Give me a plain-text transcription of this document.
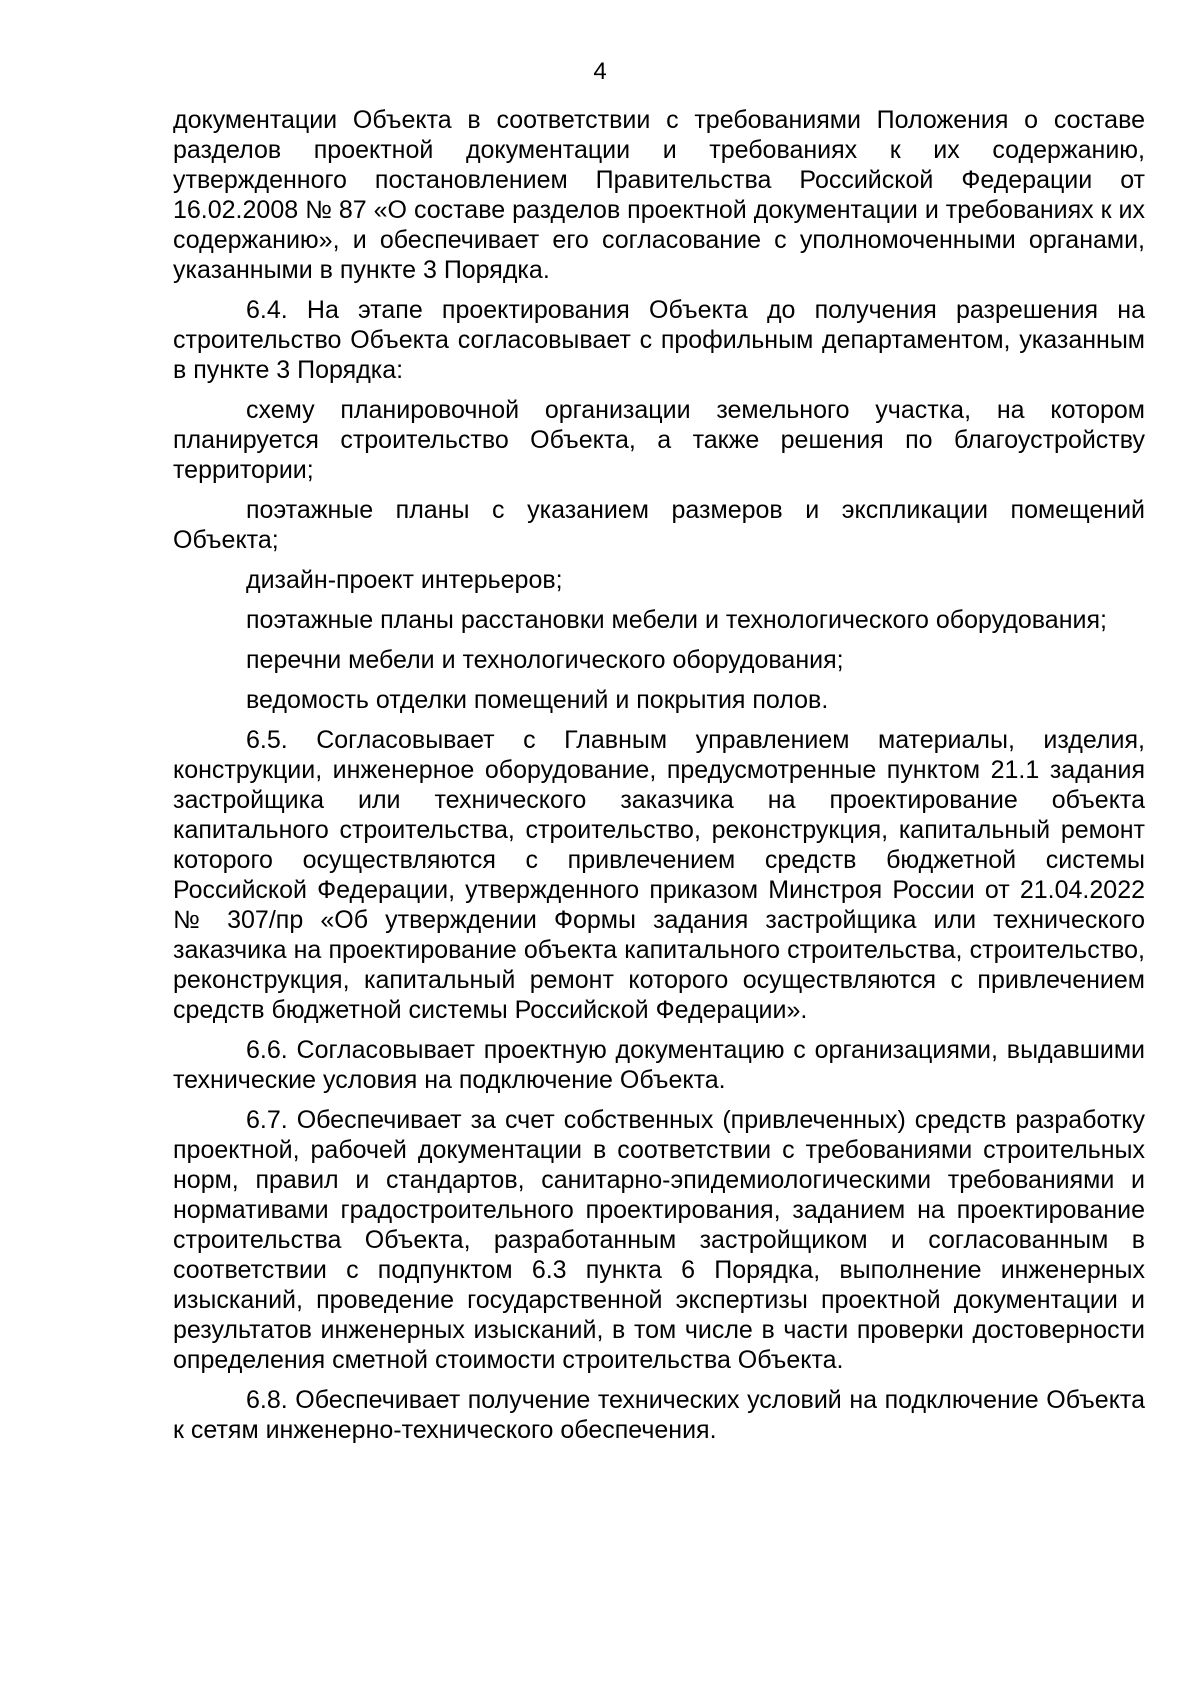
4

документации Объекта в соответствии с требованиями Положения о составе разделов проектной документации и требованиях к их содержанию, утвержденного постановлением Правительства Российской Федерации от 16.02.2008 № 87 «О составе разделов проектной документации и требованиях к их содержанию», и обеспечивает его согласование с уполномоченными органами, указанными в пункте 3 Порядка.

6.4. На этапе проектирования Объекта до получения разрешения на строительство Объекта согласовывает с профильным департаментом, указанным в пункте 3 Порядка:

схему планировочной организации земельного участка, на котором планируется строительство Объекта, а также решения по благоустройству территории;

поэтажные планы с указанием размеров и экспликации помещений Объекта;

дизайн-проект интерьеров;

поэтажные планы расстановки мебели и технологического оборудования;

перечни мебели и технологического оборудования;

ведомость отделки помещений и покрытия полов.

6.5. Согласовывает с Главным управлением материалы, изделия, конструкции, инженерное оборудование, предусмотренные пунктом 21.1 задания застройщика или технического заказчика на проектирование объекта капитального строительства, строительство, реконструкция, капитальный ремонт которого осуществляются с привлечением средств бюджетной системы Российской Федерации, утвержденного приказом Минстроя России от 21.04.2022 № 307/пр «Об утверждении Формы задания застройщика или технического заказчика на проектирование объекта капитального строительства, строительство, реконструкция, капитальный ремонт которого осуществляются с привлечением средств бюджетной системы Российской Федерации».

6.6. Согласовывает проектную документацию с организациями, выдавшими технические условия на подключение Объекта.

6.7. Обеспечивает за счет собственных (привлеченных) средств разработку проектной, рабочей документации в соответствии с требованиями строительных норм, правил и стандартов, санитарно-эпидемиологическими требованиями и нормативами градостроительного проектирования, заданием на проектирование строительства Объекта, разработанным застройщиком и согласованным в соответствии с подпунктом 6.3 пункта 6 Порядка, выполнение инженерных изысканий, проведение государственной экспертизы проектной документации и результатов инженерных изысканий, в том числе в части проверки достоверности определения сметной стоимости строительства Объекта.

6.8. Обеспечивает получение технических условий на подключение Объекта к сетям инженерно-технического обеспечения.
